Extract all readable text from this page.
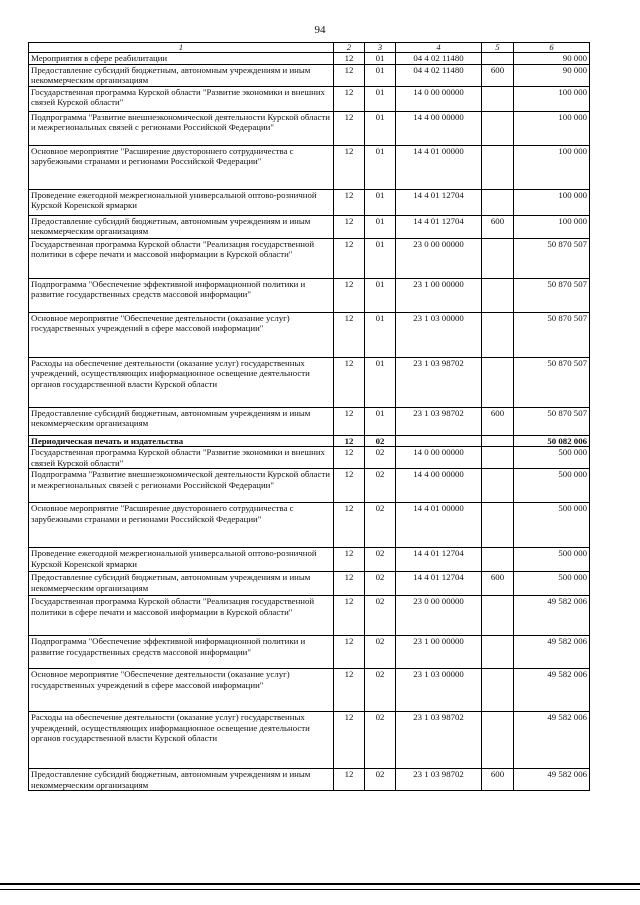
94
1	2	3	4	5	6
Мероприятия в сфере реабилитации	12	01	04 4 02 11480		90 000
Предоставление субсидий бюджетным, автономным учреждениям и иным некоммерческим организациям	12	01	04 4 02 11480	600	90 000
Государственная программа Курской области "Развитие экономики и внешних связей Курской области"	12	01	14 0 00 00000		100 000
Подпрограмма "Развитие внешнеэкономической деятельности Курской области и межрегиональных связей с регионами Российской Федерации"	12	01	14 4 00 00000		100 000
Основное мероприятие "Расширение двустороннего сотрудничества с зарубежными странами и регионами Российской Федерации"	12	01	14 4 01 00000		100 000
Проведение ежегодной межрегиональной универсальной оптово-розничной Курской Коренской ярмарки	12	01	14 4 01 12704		100 000
Предоставление субсидий бюджетным, автономным учреждениям и иным некоммерческим организациям	12	01	14 4 01 12704	600	100 000
Государственная программа Курской области "Реализация государственной политики в сфере печати и массовой информации в Курской области"	12	01	23 0 00 00000		50 870 507
Подпрограмма "Обеспечение эффективной информационной политики и развитие государственных средств массовой информации"	12	01	23 1 00 00000		50 870 507
Основное мероприятие "Обеспечение деятельности (оказание услуг) государственных учреждений в сфере массовой информации"	12	01	23 1 03 00000		50 870 507
Расходы на обеспечение деятельности (оказание услуг) государственных учреждений, осуществляющих информационное освещение деятельности органов государственной власти Курской области	12	01	23 1 03 98702		50 870 507
Предоставление субсидий бюджетным, автономным учреждениям и иным некоммерческим организациям	12	01	23 1 03 98702	600	50 870 507
Периодическая печать и издательства	12	02			50 082 006
Государственная программа Курской области "Развитие экономики и внешних связей Курской области"	12	02	14 0 00 00000		500 000
Подпрограмма "Развитие внешнеэкономической деятельности Курской области и межрегиональных связей с регионами Российской Федерации"	12	02	14 4 00 00000		500 000
Основное мероприятие "Расширение двустороннего сотрудничества с зарубежными странами и регионами Российской Федерации"	12	02	14 4 01 00000		500 000
Проведение ежегодной межрегиональной универсальной оптово-розничной Курской Коренской ярмарки	12	02	14 4 01 12704		500 000
Предоставление субсидий бюджетным, автономным учреждениям и иным некоммерческим организациям	12	02	14 4 01 12704	600	500 000
Государственная программа Курской области "Реализация государственной политики в сфере печати и массовой информации в Курской области"	12	02	23 0 00 00000		49 582 006
Подпрограмма "Обеспечение эффективной информационной политики и развитие государственных средств массовой информации"	12	02	23 1 00 00000		49 582 006
Основное мероприятие "Обеспечение деятельности (оказание услуг) государственных учреждений в сфере массовой информации"	12	02	23 1 03 00000		49 582 006
Расходы на обеспечение деятельности (оказание услуг) государственных учреждений, осуществляющих информационное освещение деятельности органов государственной власти Курской области	12	02	23 1 03 98702		49 582 006
Предоставление субсидий бюджетным, автономным учреждениям и иным некоммерческим организациям	12	02	23 1 03 98702	600	49 582 006
